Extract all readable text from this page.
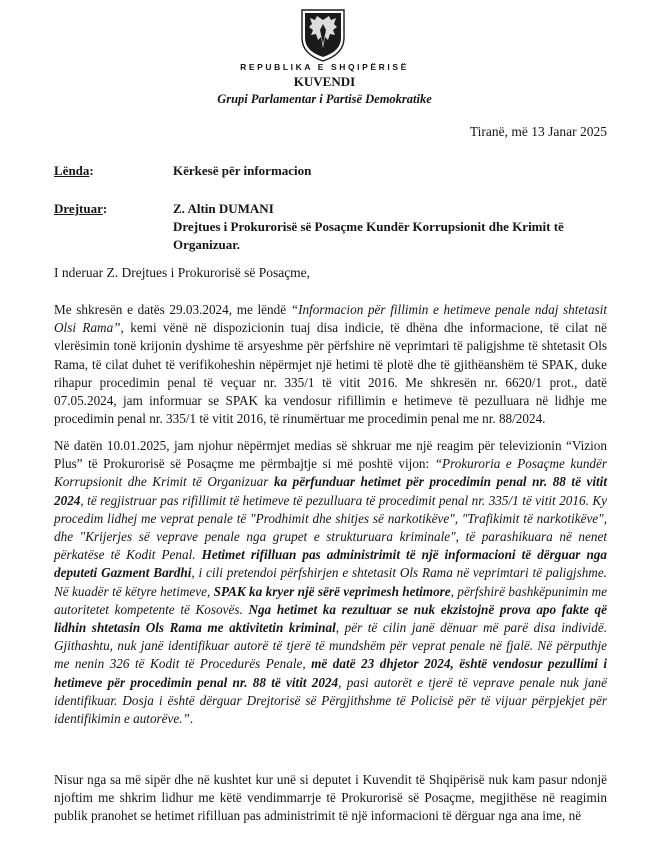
REPUBLIKA E SHQIPËRISË
KUVENDI
Grupi Parlamentar i Partisë Demokratike
Tiranë, më 13 Janar 2025
Lënda:	Kërkesë për informacion
Drejtuar:	Z. Altin DUMANI
Drejtues i Prokurorisë së Posaçme Kundër Korrupsionit dhe Krimit të
Organizuar.
I nderuar Z. Drejtues i Prokurorisë së Posaçme,
Me shkresën e datës 29.03.2024, me lëndë “Informacion për fillimin e hetimeve penale ndaj shtetasit Olsi Rama”, kemi vënë në dispozicionin tuaj disa indicie, të dhëna dhe informacione, të cilat në vlerësimin tonë krijonin dyshime të arsyeshme për përfshire në veprimtari të paligjshme të shtetasit Ols Rama, të cilat duhet të verifikoheshin nëpërmjet një hetimi të plotë dhe të gjithëanshëm të SPAK, duke rihapur procedimin penal të veçuar nr. 335/1 të vitit 2016. Me shkresën nr. 6620/1 prot., datë 07.05.2024, jam informuar se SPAK ka vendosur rifillimin e hetimeve të pezulluara në lidhje me procedimin penal nr. 335/1 të vitit 2016, të rinumërtuar me procedimin penal me nr. 88/2024.
Në datën 10.01.2025, jam njohur nëpërmjet medias së shkruar me një reagim për televizionin “Vizion Plus” të Prokurorisë së Posaçme me përmbajtje si më poshtë vijon: “Prokuroria e Posaçme kundër Korrupsionit dhe Krimit të Organizuar ka përfunduar hetimet për procedimin penal nr. 88 të vitit 2024, të regjistruar pas rifillimit të hetimeve të pezulluara të procedimit penal nr. 335/1 të vitit 2016. Ky procedim lidhej me veprat penale të "Prodhimit dhe shitjes së narkotikëve", "Trafikimit të narkotikëve", dhe "Krijerjes së veprave penale nga grupet e strukturuara kriminale", të parashikuara në nenet përkatëse të Kodit Penal. Hetimet rifilluan pas administrimit të një informacioni të dërguar nga deputeti Gazment Bardhi, i cili pretendoi përfshirjen e shtetasit Ols Rama në veprimtari të paligjshme. Në kuadër të këtyre hetimeve, SPAK ka kryer një sërë veprimesh hetimore, përfshirë bashkëpunimin me autoritetet kompetente të Kosovës. Nga hetimet ka rezultuar se nuk ekzistojnë prova apo fakte që lidhin shtetasin Ols Rama me aktivitetin kriminal, për të cilin janë dënuar më parë disa individë. Gjithashtu, nuk janë identifikuar autorë të tjerë të mundshëm për veprat penale në fjalë. Në përputhje me nenin 326 të Kodit të Procedurës Penale, më datë 23 dhjetor 2024, është vendosur pezullimi i hetimeve për procedimin penal nr. 88 të vitit 2024, pasi autorët e tjerë të veprave penale nuk janë identifikuar. Dosja i është dërguar Drejtorisë së Përgjithshme të Policisë për të vijuar përpjekjet për identifikimin e autorëve.”.
Nisur nga sa më sipër dhe në kushtet kur unë si deputet i Kuvendit të Shqipërisë nuk kam pasur ndonjë njoftim me shkrim lidhur me këtë vendimmarrje të Prokurorisë së Posaçme, megjithëse në reagimin publik pranohet se hetimet rifilluan pas administrimit të një informacioni të dërguar nga ana ime, në
